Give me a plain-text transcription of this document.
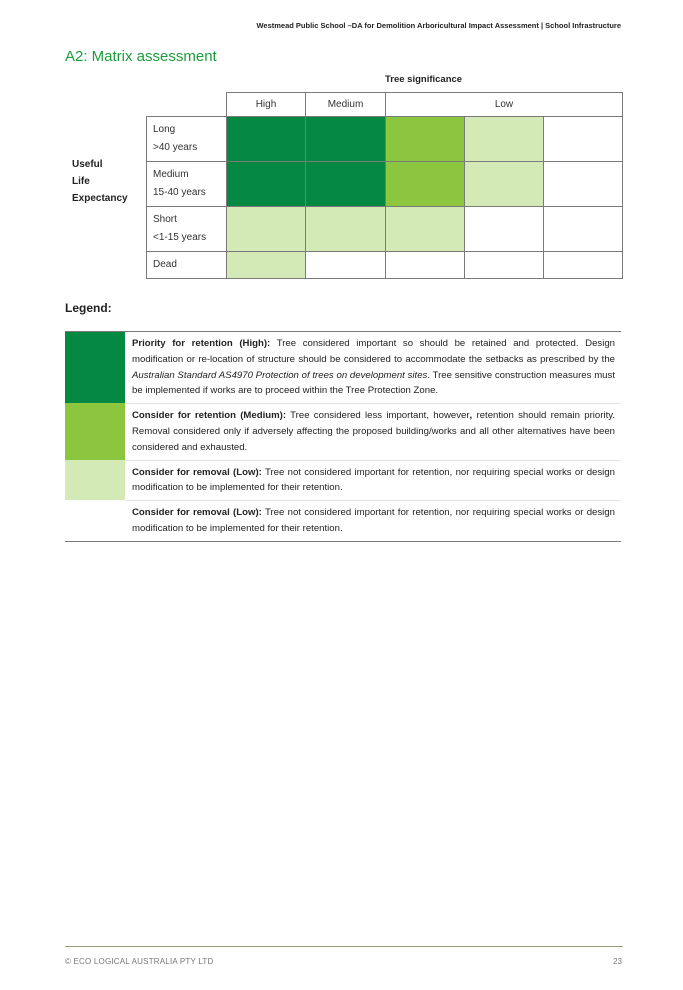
Westmead Public School –DA for Demolition Arboricultural Impact Assessment | School Infrastructure
A2: Matrix assessment
Tree significance
Useful
Life
Expectancy
	High	Medium	Low		

Long
>40 years					

Medium
15-40 years					

Short
<1-15 years					

Dead					

Legend:
Priority for retention (High): Tree considered important so should be retained and protected. Design modification or re-location of structure should be considered to accommodate the setbacks as prescribed by the Australian Standard AS4970 Protection of trees on development sites. Tree sensitive construction measures must be implemented if works are to proceed within the Tree Protection Zone.
Consider for retention (Medium): Tree considered less important, however, retention should remain priority. Removal considered only if adversely affecting the proposed building/works and all other alternatives have been considered and exhausted.
Consider for removal (Low): Tree not considered important for retention, nor requiring special works or design modification to be implemented for their retention.
Consider for removal (Low): Tree not considered important for retention, nor requiring special works or design modification to be implemented for their retention.
© ECO LOGICAL AUSTRALIA PTY LTD	23
